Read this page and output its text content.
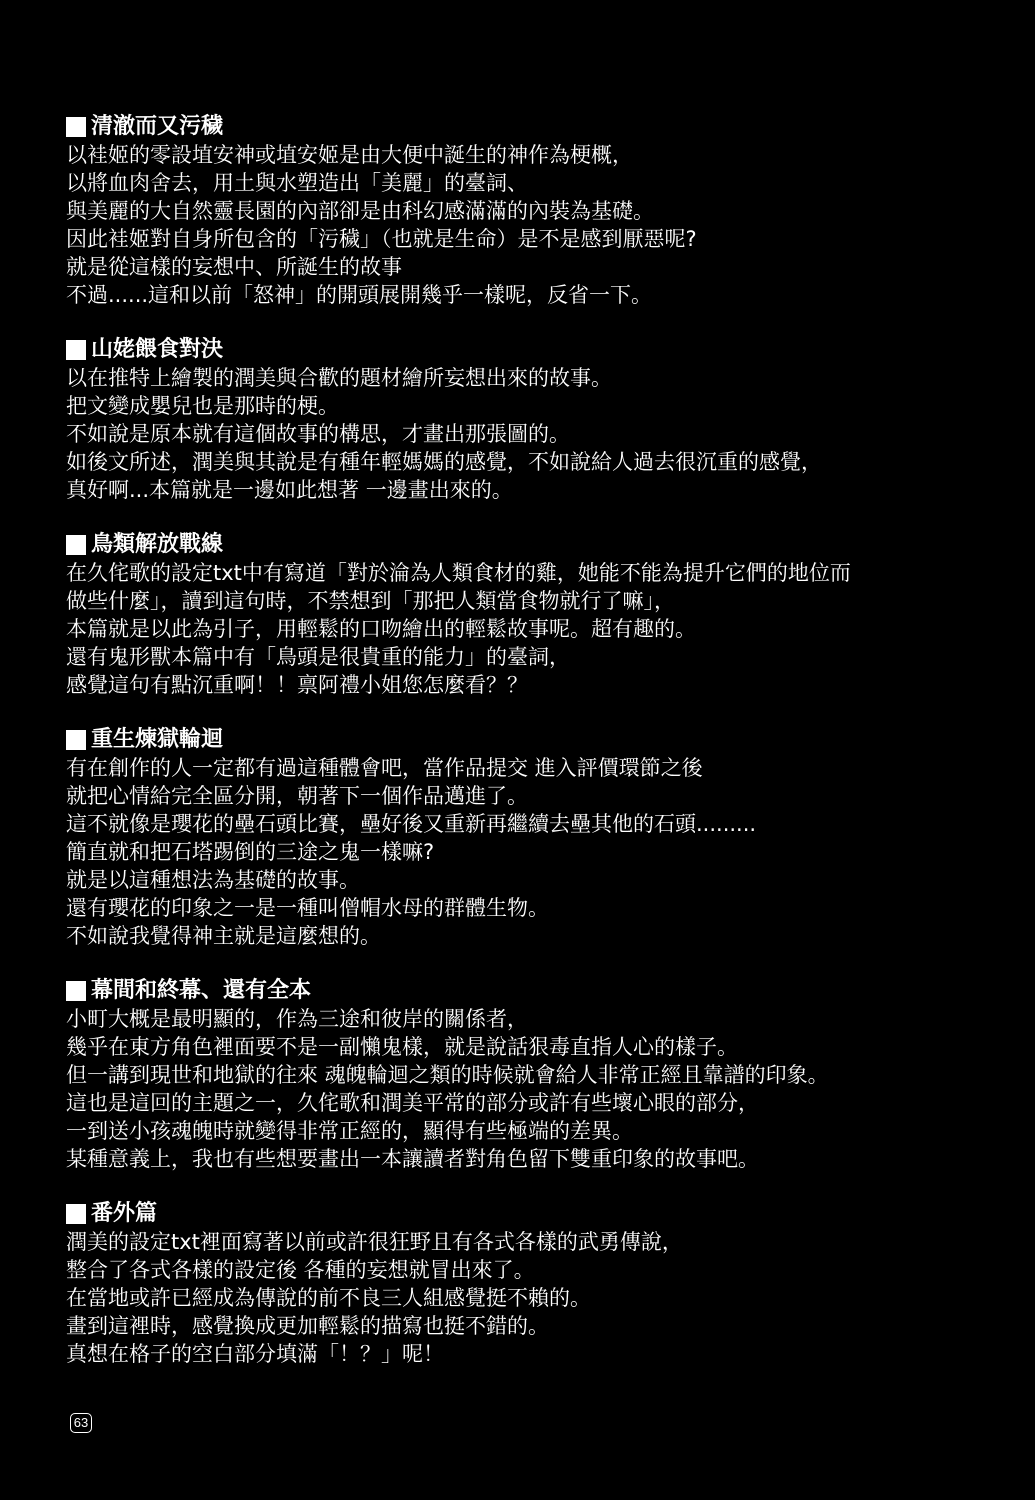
清澈而又污穢
以袿姬的零設埴安神或埴安姬是由大便中誕生的神作為梗概，
以將血肉舍去，用土與水塑造出「美麗」的臺詞、
與美麗的大自然靈長園的內部卻是由科幻感滿滿的內裝為基礎。
因此袿姬對自身所包含的「污穢」（也就是生命）是不是感到厭惡呢?
就是從這樣的妄想中、所誕生的故事
不過......這和以前「怒神」的開頭展開幾乎一樣呢，反省一下。
山姥餵食對決
以在推特上繪製的潤美與合歡的題材繪所妄想出來的故事。
把文變成嬰兒也是那時的梗。
不如說是原本就有這個故事的構思，才畫出那張圖的。
如後文所述，潤美與其說是有種年輕媽媽的感覺，不如說給人過去很沉重的感覺，
真好啊...本篇就是一邊如此想著 一邊畫出來的。
鳥類解放戰線
在久侘歌的設定txt中有寫道「對於淪為人類食材的雞，她能不能為提升它們的地位而
做些什麼」，讀到這句時，不禁想到「那把人類當食物就行了嘛」，
本篇就是以此為引子，用輕鬆的口吻繪出的輕鬆故事呢。超有趣的。
還有鬼形獸本篇中有「鳥頭是很貴重的能力」的臺詞，
感覺這句有點沉重啊！！禀阿禮小姐您怎麼看？？
重生煉獄輪迴
有在創作的人一定都有過這種體會吧，當作品提交 進入評價環節之後
就把心情給完全區分開，朝著下一個作品邁進了。
這不就像是瓔花的壘石頭比賽，壘好後又重新再繼續去壘其他的石頭.........
簡直就和把石塔踢倒的三途之鬼一樣嘛?
就是以這種想法為基礎的故事。
還有瓔花的印象之一是一種叫僧帽水母的群體生物。
不如說我覺得神主就是這麼想的。
幕間和終幕、還有全本
小町大概是最明顯的，作為三途和彼岸的關係者，
幾乎在東方角色裡面要不是一副懶鬼樣，就是說話狠毒直指人心的樣子。
但一講到現世和地獄的往來 魂魄輪迴之類的時候就會給人非常正經且靠譜的印象。
這也是這回的主題之一，久侘歌和潤美平常的部分或許有些壞心眼的部分，
一到送小孩魂魄時就變得非常正經的，顯得有些極端的差異。
某種意義上，我也有些想要畫出一本讓讀者對角色留下雙重印象的故事吧。
番外篇
潤美的設定txt裡面寫著以前或許很狂野且有各式各樣的武勇傳說，
整合了各式各樣的設定後 各種的妄想就冒出來了。
在當地或許已經成為傳說的前不良三人組感覺挺不賴的。
畫到這裡時，感覺換成更加輕鬆的描寫也挺不錯的。
真想在格子的空白部分填滿「！？」呢！
63
